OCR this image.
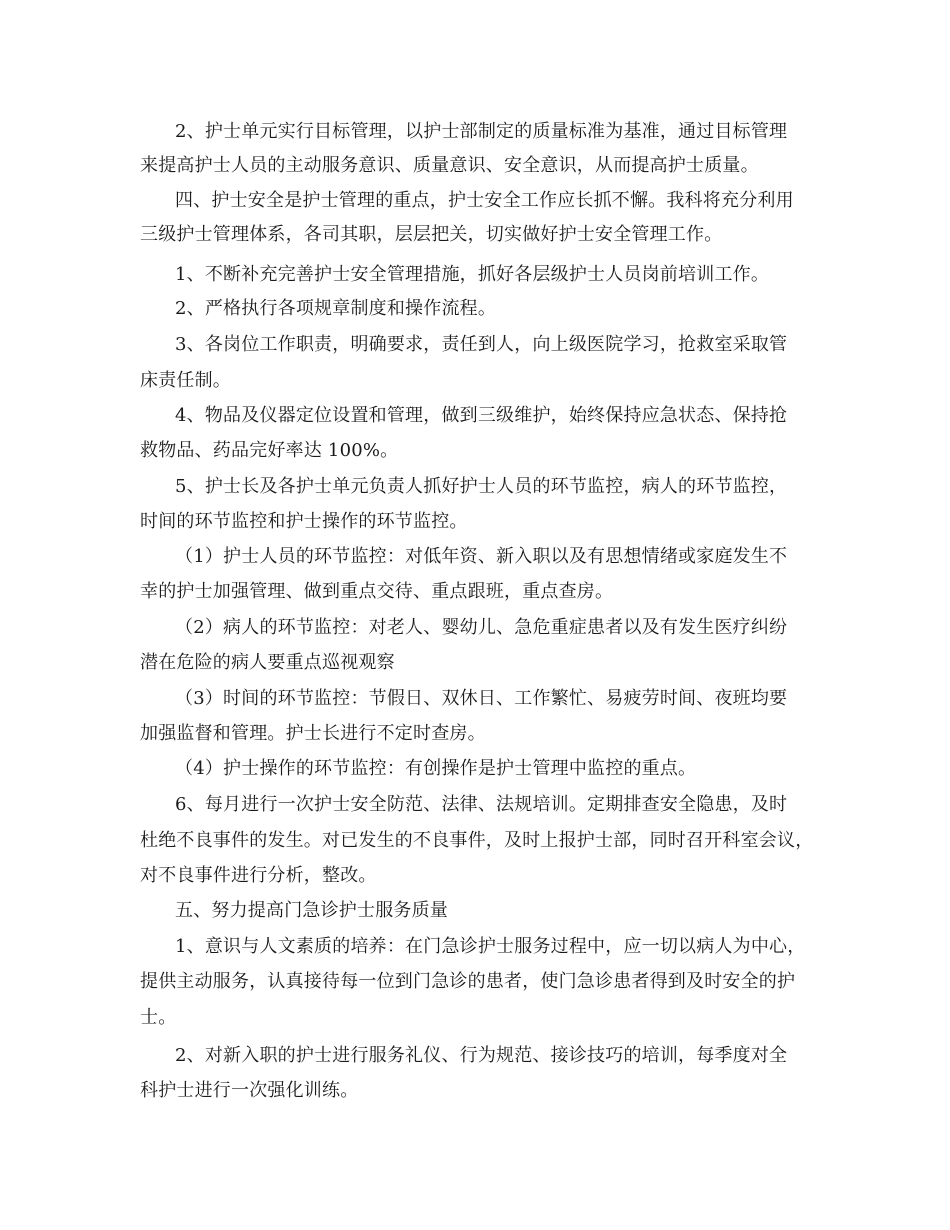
2、护士单元实行目标管理，以护士部制定的质量标准为基准，通过目标管理
来提高护士人员的主动服务意识、质量意识、安全意识，从而提高护士质量。
四、护士安全是护士管理的重点，护士安全工作应长抓不懈。我科将充分利用
三级护士管理体系，各司其职，层层把关，切实做好护士安全管理工作。
1、不断补充完善护士安全管理措施，抓好各层级护士人员岗前培训工作。
2、严格执行各项规章制度和操作流程。
3、各岗位工作职责，明确要求，责任到人，向上级医院学习，抢救室采取管
床责任制。
4、物品及仪器定位设置和管理，做到三级维护，始终保持应急状态、保持抢
救物品、药品完好率达 100%。
5、护士长及各护士单元负责人抓好护士人员的环节监控，病人的环节监控，
时间的环节监控和护士操作的环节监控。
（1）护士人员的环节监控：对低年资、新入职以及有思想情绪或家庭发生不
幸的护士加强管理、做到重点交待、重点跟班，重点查房。
（2）病人的环节监控：对老人、婴幼儿、急危重症患者以及有发生医疗纠纷
潜在危险的病人要重点巡视观察
（3）时间的环节监控：节假日、双休日、工作繁忙、易疲劳时间、夜班均要
加强监督和管理。护士长进行不定时查房。
（4）护士操作的环节监控：有创操作是护士管理中监控的重点。
6、每月进行一次护士安全防范、法律、法规培训。定期排查安全隐患，及时
杜绝不良事件的发生。对已发生的不良事件，及时上报护士部，同时召开科室会议，
对不良事件进行分析，整改。
五、努力提高门急诊护士服务质量
1、意识与人文素质的培养：在门急诊护士服务过程中，应一切以病人为中心，
提供主动服务，认真接待每一位到门急诊的患者，使门急诊患者得到及时安全的护
士。
2、对新入职的护士进行服务礼仪、行为规范、接诊技巧的培训，每季度对全
科护士进行一次强化训练。
